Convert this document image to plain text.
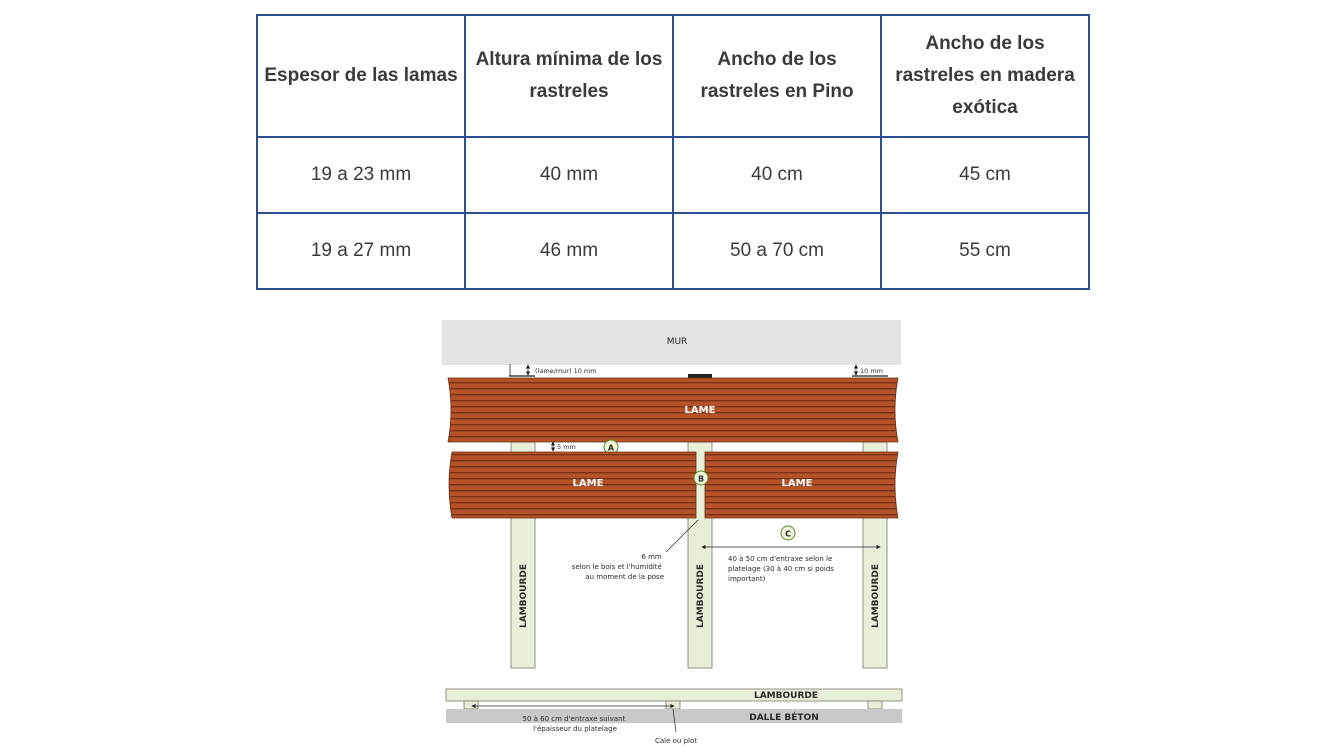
Espesor de las lamas	Altura mínima de los rastreles	Ancho de los rastreles en Pino	Ancho de los rastreles en madera exótica
19 a 23 mm	40 mm	40 cm	45 cm
19 a 27 mm	46 mm	50 a 70 cm	55 cm
MUR
(lame/mur) 10 mm	10 mm
LAMBOURDE	LAMBOURDE	LAMBOURDE
LAME
5 mm	A
LAME	LAME
B
6 mm selon le bois et l'humidité au moment de la pose
C
40 à 50 cm d'entraxe selon le platelage (30 à 40 cm si poids important)
LAMBOURDE
DALLE BÉTON
50 à 60 cm d'entraxe suivant l'épaisseur du platelage
Cale ou plot
